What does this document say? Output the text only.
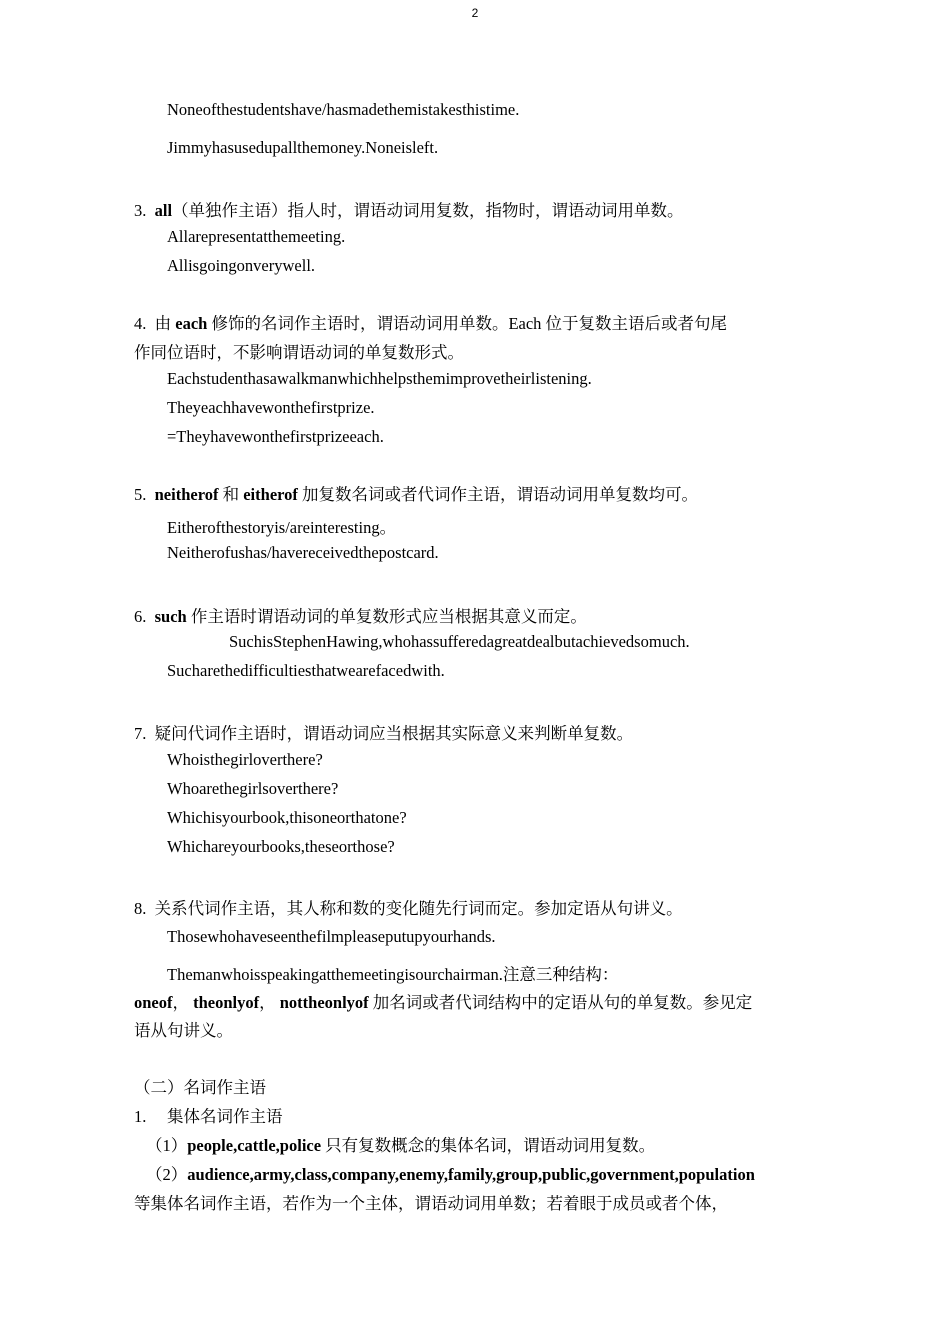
2
Noneofthestudentshave/hasmadethemistakesthistime.
Jimmyhasusedupallthemoney.Noneisleft.
3. all（单独作主语）指人时，谓语动词用复数，指物时，谓语动词用单数。
Allarepresentatthemeeting.
Allisgoingonverywell.
4. 由 each 修饰的名词作主语时，谓语动词用单数。Each 位于复数主语后或者句尾
作同位语时，不影响谓语动词的单复数形式。
Eachstudenthasawalkmanwhichhelpsthemimprovetheirlistening.
Theyeachhavewonthefirstprize.
=Theyhavewonthefirstprizeeach.
5. neitherof 和 eitherof 加复数名词或者代词作主语，谓语动词用单复数均可。
Eitherofthestoryis/areinteresting。
Neitherofushas/havereceivedthepostcard.
6. such 作主语时谓语动词的单复数形式应当根据其意义而定。
SuchisStephenHawing,whohassufferedagreatdealbutachievedsomuch.
Sucharethedifficultiesthatwearefacedwith.
7. 疑问代词作主语时，谓语动词应当根据其实际意义来判断单复数。
Whoisthegirloverthere?
Whoarethegirlsoverthere?
Whichisyourbook,thisoneorthatone?
Whichareyourbooks,theseorthose?
8. 关系代词作主语，其人称和数的变化随先行词而定。参加定语从句讲义。
Thosewhohaveseenthefilmpleaseputupyourhands.
Themanwhoisspeakingatthemeetingisourchairman.注意三种结构：
oneof， theonlyof， nottheonlyof 加名词或者代词结构中的定语从句的单复数。参见定
语从句讲义。
（二）名词作主语
1. 集体名词作主语
（1）people,cattle,police 只有复数概念的集体名词，谓语动词用复数。
（2）audience,army,class,company,enemy,family,group,public,government,population
等集体名词作主语，若作为一个主体，谓语动词用单数；若着眼于成员或者个体，
